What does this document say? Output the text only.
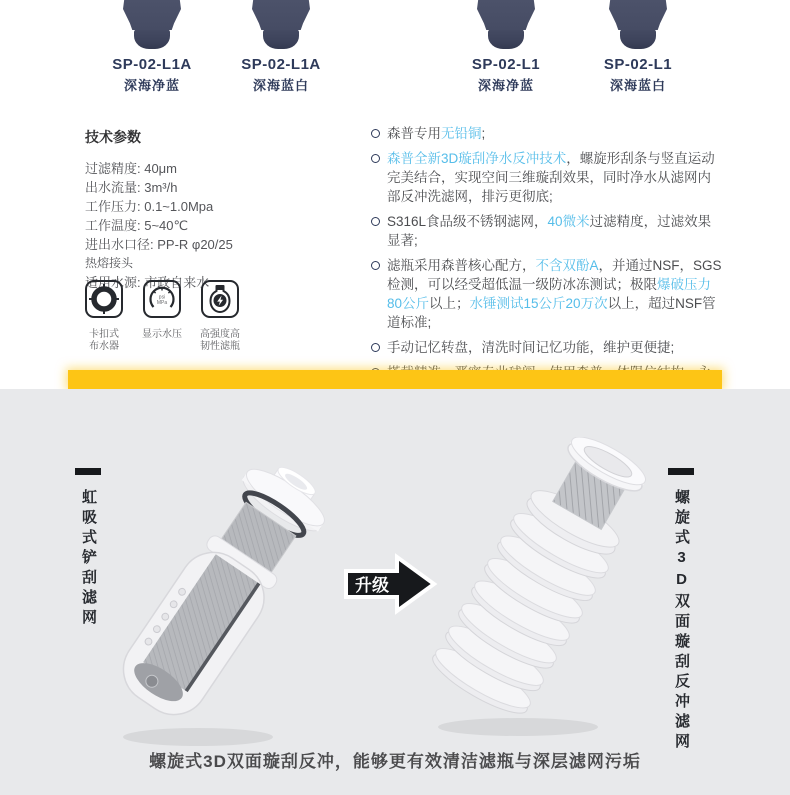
SP-02-L1A
深海净蓝
SP-02-L1A
深海蓝白
SP-02-L1
深海净蓝
SP-02-L1
深海蓝白
技术参数
过滤精度: 40μm
出水流量: 3m³/h
工作压力: 0.1~1.0Mpa
工作温度: 5~40℃
进出水口径: PP-R φ20/25
热熔接头
适用水源: 市政自来水
卡扣式
布水器
psi
MPa
显示水压 高强度高
韧性滤瓶

森普专用无铅铜;

森普全新3D璇刮净水反冲技术，螺旋形刮条与竖直运动完美结合，实现空间三维璇刮效果，同时净水从滤网内部反冲洗滤网，排污更彻底;

S316L食品级不锈钢滤网，40微米过滤精度，过滤效果显著;

滤瓶采用森普核心配方，不含双酚A，并通过NSF，SGS检测，可以经受超低温一级防冰冻测试；极限爆破压力80公斤以上；水锤测试15公斤20万次以上，超过NSF管道标准;

手动记忆转盘，清洗时间记忆功能，维护更便捷;

虹吸式铲刮滤网	螺旋式3D双面璇刮反冲滤网
升级
螺旋式3D双面璇刮反冲，能够更有效清洁滤瓶与深层滤网污垢
